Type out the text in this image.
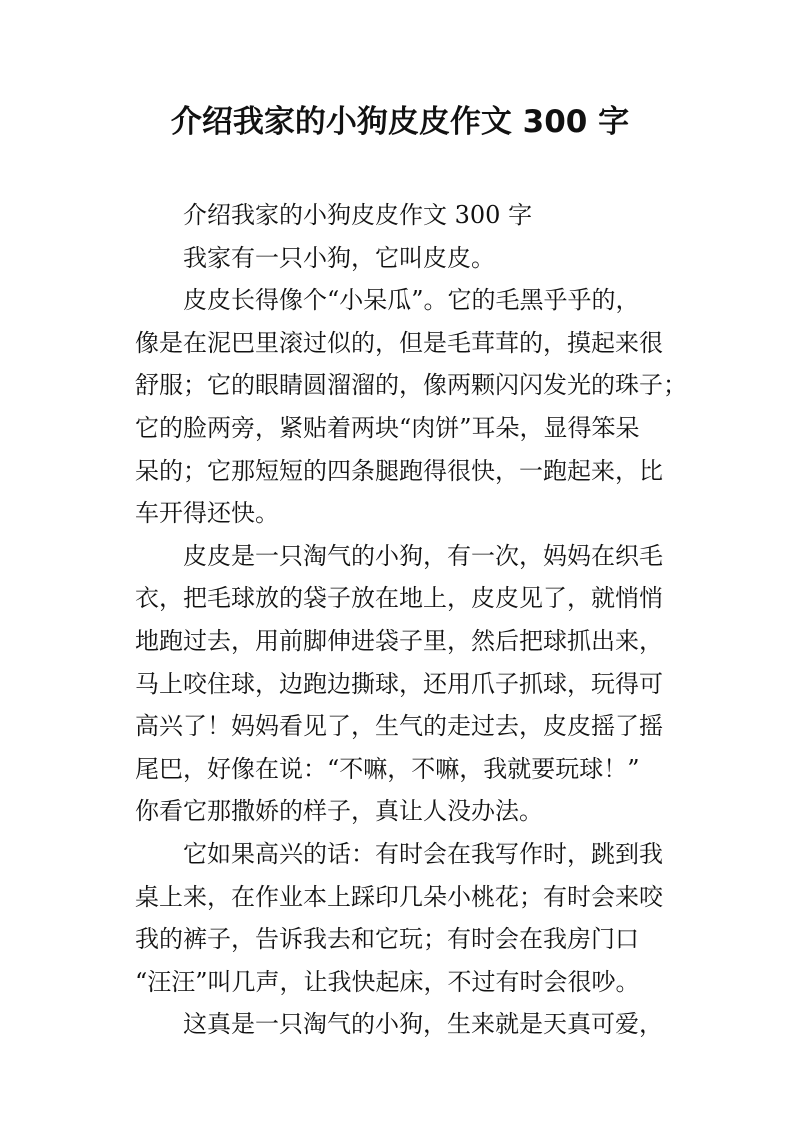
介绍我家的小狗皮皮作文 300 字
介绍我家的小狗皮皮作文 300 字
我家有一只小狗，它叫皮皮。
皮皮长得像个“小呆瓜”。它的毛黑乎乎的，
像是在泥巴里滚过似的，但是毛茸茸的，摸起来很
舒服；它的眼睛圆溜溜的，像两颗闪闪发光的珠子；
它的脸两旁，紧贴着两块“肉饼”耳朵，显得笨呆
呆的；它那短短的四条腿跑得很快，一跑起来，比
车开得还快。
皮皮是一只淘气的小狗，有一次，妈妈在织毛
衣，把毛球放的袋子放在地上，皮皮见了，就悄悄
地跑过去，用前脚伸进袋子里，然后把球抓出来，
马上咬住球，边跑边撕球，还用爪子抓球，玩得可
高兴了！妈妈看见了，生气的走过去，皮皮摇了摇
尾巴，好像在说：“不嘛，不嘛，我就要玩球！”
你看它那撒娇的样子，真让人没办法。
它如果高兴的话：有时会在我写作时，跳到我
桌上来，在作业本上踩印几朵小桃花；有时会来咬
我的裤子，告诉我去和它玩；有时会在我房门口
“汪汪”叫几声，让我快起床，不过有时会很吵。
这真是一只淘气的小狗，生来就是天真可爱，
